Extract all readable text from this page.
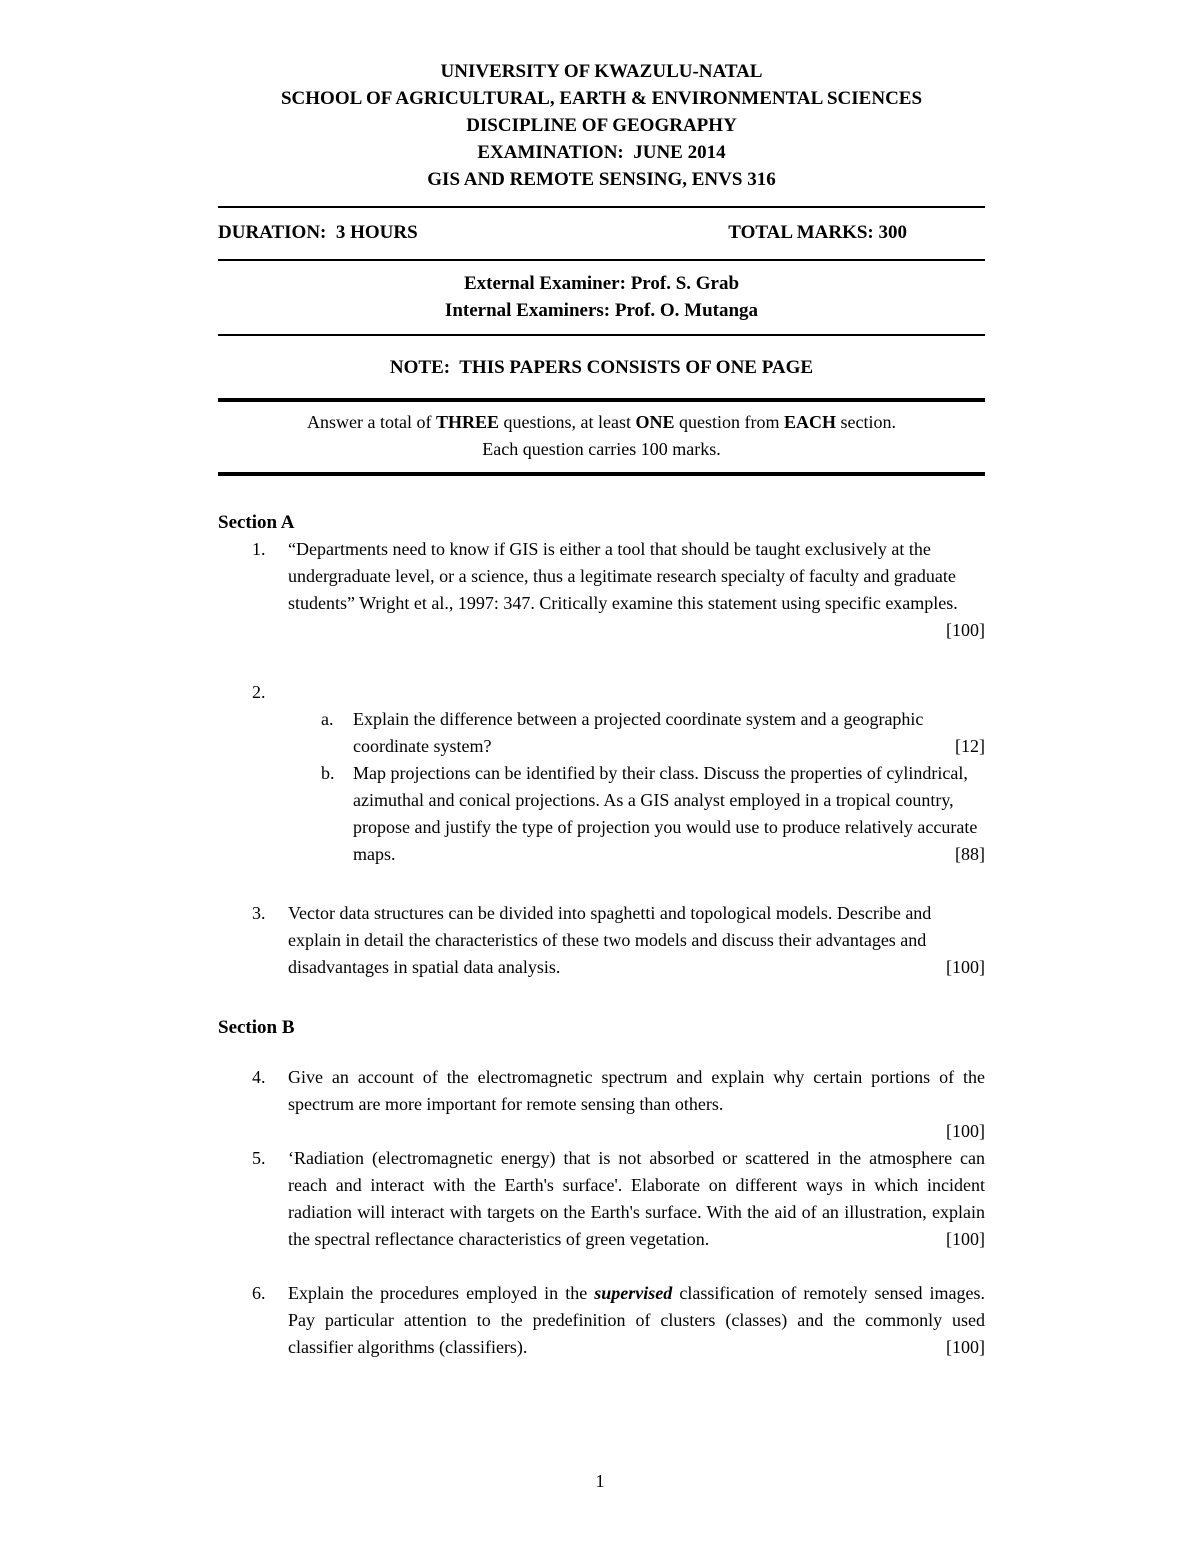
UNIVERSITY OF KWAZULU-NATAL
SCHOOL OF AGRICULTURAL, EARTH & ENVIRONMENTAL SCIENCES
DISCIPLINE OF GEOGRAPHY
EXAMINATION:  JUNE 2014
GIS AND REMOTE SENSING, ENVS 316
DURATION:  3 HOURS	TOTAL MARKS: 300
External Examiner: Prof. S. Grab
Internal Examiners: Prof. O. Mutanga
NOTE:  THIS PAPERS CONSISTS OF ONE PAGE
Answer a total of THREE questions, at least ONE question from EACH section.
Each question carries 100 marks.
Section A
1.	“Departments need to know if GIS is either a tool that should be taught exclusively at the undergraduate level, or a science, thus a legitimate research specialty of faculty and graduate students” Wright et al., 1997: 347. Critically examine this statement using specific examples.
[100]
2.
a.	Explain the difference between a projected coordinate system and a geographic coordinate system?	[12]
b.	Map projections can be identified by their class. Discuss the properties of cylindrical, azimuthal and conical projections. As a GIS analyst employed in a tropical country, propose and justify the type of projection you would use to produce relatively accurate maps.	[88]
3.	Vector data structures can be divided into spaghetti and topological models. Describe and explain in detail the characteristics of these two models and discuss their advantages and disadvantages in spatial data analysis.	[100]
Section B
4.	Give an account of the electromagnetic spectrum and explain why certain portions of the spectrum are more important for remote sensing than others.
[100]
5.	‘Radiation (electromagnetic energy) that is not absorbed or scattered in the atmosphere can reach and interact with the Earth's surface'. Elaborate on different ways in which incident radiation will interact with targets on the Earth's surface. With the aid of an illustration, explain the spectral reflectance characteristics of green vegetation.	[100]
6.	Explain the procedures employed in the supervised classification of remotely sensed images. Pay particular attention to the predefinition of clusters (classes) and the commonly used classifier algorithms (classifiers).	[100]
1
